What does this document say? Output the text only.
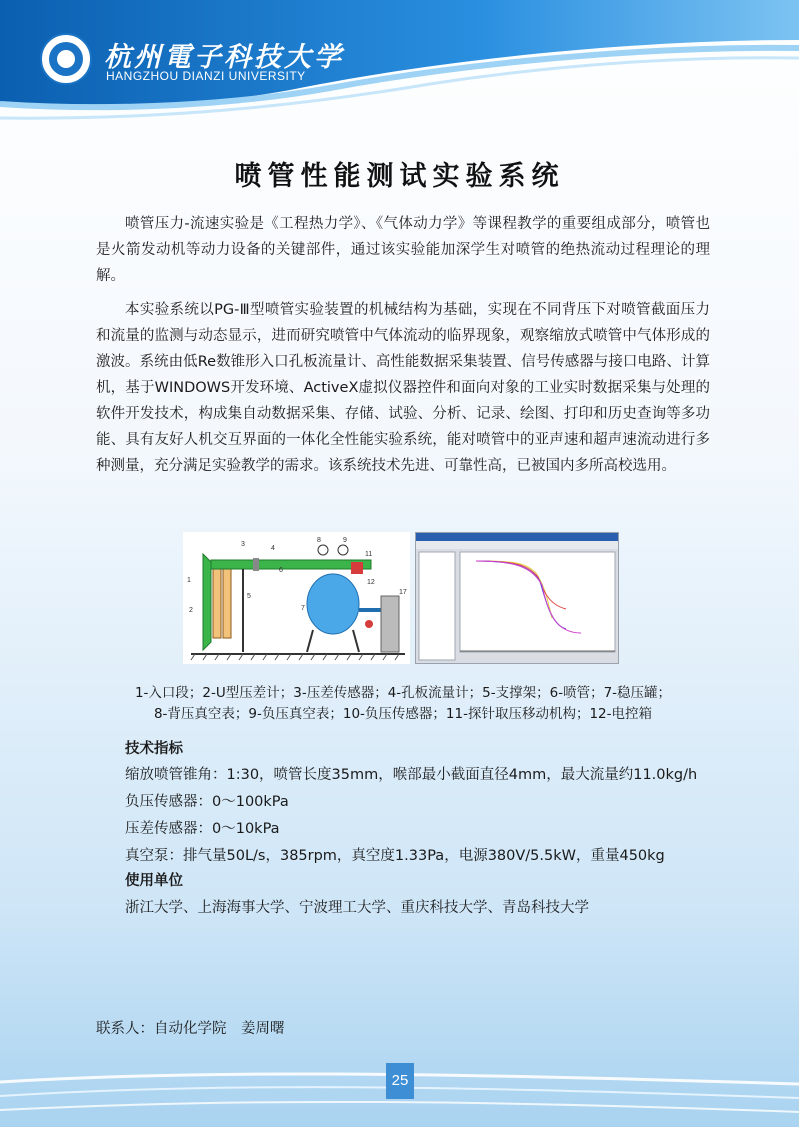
杭州電子科技大学
HANGZHOU DIANZI UNIVERSITY
喷管性能测试实验系统

喷管压力-流速实验是《工程热力学》、《气体动力学》等课程教学的重要组成部分，喷管也是火箭发动机等动力设备的关键部件，通过该实验能加深学生对喷管的绝热流动过程理论的理解。

本实验系统以PG-Ⅲ型喷管实验装置的机械结构为基础，实现在不同背压下对喷管截面压力和流量的监测与动态显示，进而研究喷管中气体流动的临界现象，观察缩放式喷管中气体形成的激波。系统由低Re数锥形入口孔板流量计、高性能数据采集装置、信号传感器与接口电路、计算机，基于WINDOWS开发环境、ActiveX虚拟仪器控件和面向对象的工业实时数据采集与处理的软件开发技术，构成集自动数据采集、存储、试验、分析、记录、绘图、打印和历史查询等多功能、具有友好人机交互界面的一体化全性能实验系统，能对喷管中的亚声速和超声速流动进行多种测量，充分满足实验教学的需求。该系统技术先进、可靠性高，已被国内多所高校选用。

1
2
3
4
5
6
7
8	9
11
12
17
1-入口段；2-U型压差计；3-压差传感器；4-孔板流量计；5-支撑架；6-喷管；7-稳压罐；
8-背压真空表；9-负压真空表；10-负压传感器；11-探针取压移动机构；12-电控箱
技术指标
缩放喷管锥角：1:30，喷管长度35mm，喉部最小截面直径4mm，最大流量约11.0kg/h
负压传感器：0～100kPa
压差传感器：0～10kPa
真空泵：排气量50L/s，385rpm，真空度1.33Pa，电源380V/5.5kW，重量450kg
使用单位
浙江大学、上海海事大学、宁波理工大学、重庆科技大学、青岛科技大学
联系人：自动化学院　姜周曙
25
